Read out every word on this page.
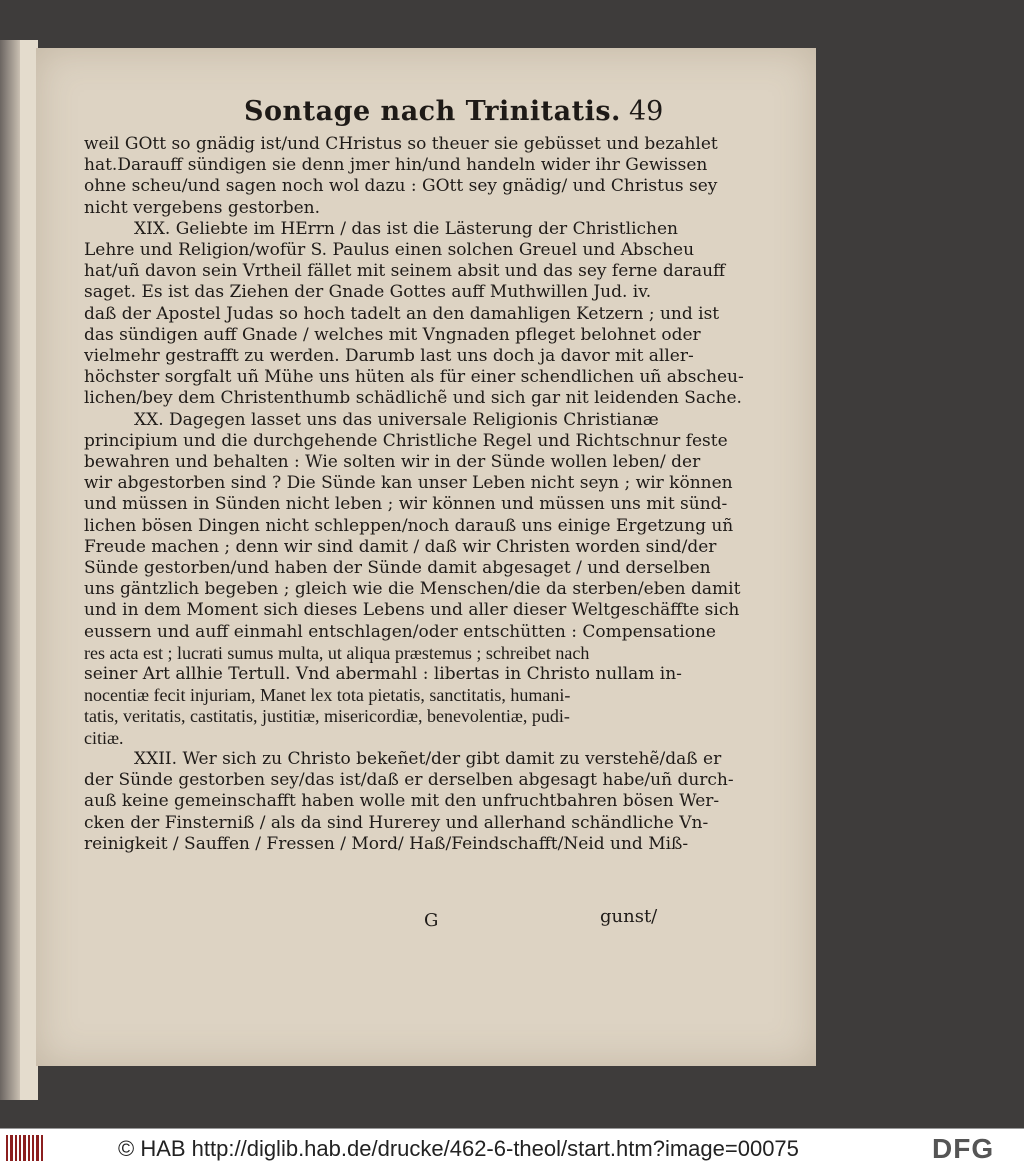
Sontage nach Trinitatis. 49
weil GOtt so gnädig ist/und CHristus so theuer sie gebüsset und bezahlet
hat.Darauff sündigen sie denn jmer hin/und handeln wider ihr Gewissen
ohne scheu/und sagen noch wol dazu : GOtt sey gnädig/ und Christus sey
nicht vergebens gestorben.
XIX. Geliebte im HErrn / das ist die Lästerung der Christlichen
Lehre und Religion/wofür S. Paulus einen solchen Greuel und Abscheu
hat/uñ davon sein Vrtheil fället mit seinem absit und das sey ferne darauff
saget. Es ist das Ziehen der Gnade Gottes auff Muthwillen Jud. iv.
daß der Apostel Judas so hoch tadelt an den damahligen Ketzern ; und ist
das sündigen auff Gnade / welches mit Vngnaden pfleget belohnet oder
vielmehr gestrafft zu werden. Darumb last uns doch ja davor mit aller-
höchster sorgfalt uñ Mühe uns hüten als für einer schendlichen uñ abscheu-
lichen/bey dem Christenthumb schädlichẽ und sich gar nit leidenden Sache.
XX. Dagegen lasset uns das universale Religionis Christianæ
principium und die durchgehende Christliche Regel und Richtschnur feste
bewahren und behalten : Wie solten wir in der Sünde wollen leben/ der
wir abgestorben sind ? Die Sünde kan unser Leben nicht seyn ; wir können
und müssen in Sünden nicht leben ; wir können und müssen uns mit sünd-
lichen bösen Dingen nicht schleppen/noch darauß uns einige Ergetzung uñ
Freude machen ; denn wir sind damit / daß wir Christen worden sind/der
Sünde gestorben/und haben der Sünde damit abgesaget / und derselben
uns gäntzlich begeben ; gleich wie die Menschen/die da sterben/eben damit
und in dem Moment sich dieses Lebens und aller dieser Weltgeschäffte sich
eussern und auff einmahl entschlagen/oder entschütten : Compensatione
res acta est ; lucrati sumus multa, ut aliqua præstemus ; schreibet nach
seiner Art allhie Tertull. Vnd abermahl : libertas in Christo nullam in-
nocentiæ fecit injuriam, Manet lex tota pietatis, sanctitatis, humani-
tatis, veritatis, castitatis, justitiæ, misericordiæ, benevolentiæ, pudi-
citiæ.
XXII. Wer sich zu Christo bekeñet/der gibt damit zu verstehẽ/daß er
der Sünde gestorben sey/das ist/daß er derselben abgesagt habe/uñ durch-
auß keine gemeinschafft haben wolle mit den unfruchtbahren bösen Wer-
cken der Finsterniß / als da sind Hurerey und allerhand schändliche Vn-
reinigkeit / Sauffen / Fressen / Mord/ Haß/Feindschafft/Neid und Miß-
G	gunst/
© HAB http://diglib.hab.de/drucke/462-6-theol/start.htm?image=00075	DFG
